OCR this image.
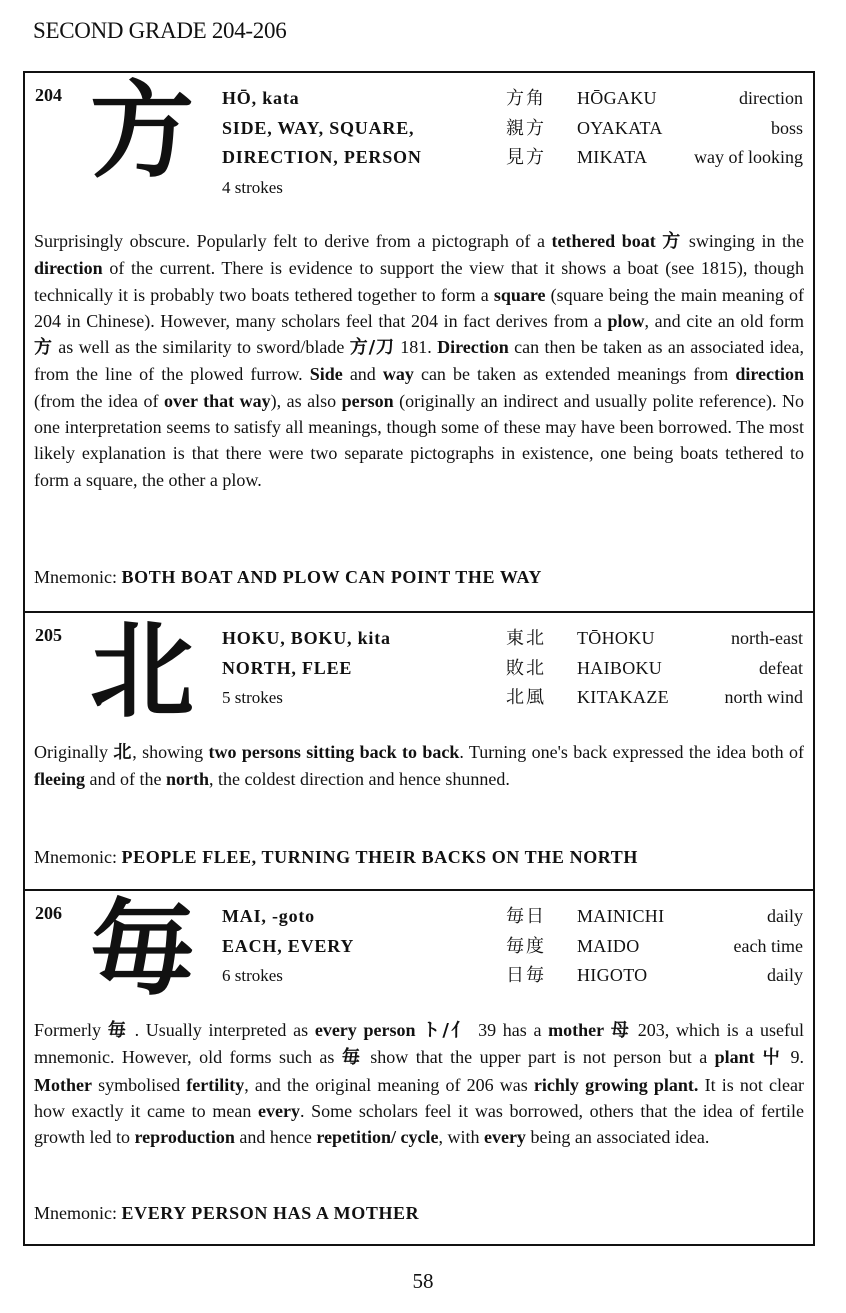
SECOND GRADE 204-206
204 方 HŌ, kata
SIDE, WAY, SQUARE,
DIRECTION, PERSON
4 strokes
方角 HŌGAKU	direction
親方 OYAKATA	boss
見方 MIKATA	way of looking
Surprisingly obscure. Popularly felt to derive from a pictograph of a tethered boat 方 swinging in the direction of the current. There is evidence to support the view that it shows a boat (see 1815), though technically it is probably two boats tethered together to form a square (square being the main meaning of 204 in Chinese). However, many scholars feel that 204 in fact derives from a plow, and cite an old form 方 as well as the similarity to sword/blade 方/刀 181. Direction can then be taken as an associated idea, from the line of the plowed furrow. Side and way can be taken as extended meanings from direction (from the idea of over that way), as also person (originally an indirect and usually polite reference). No one interpretation seems to satisfy all meanings, though some of these may have been borrowed. The most likely explanation is that there were two separate pictographs in existence, one being boats tethered to form a square, the other a plow.
Mnemonic: BOTH BOAT AND PLOW CAN POINT THE WAY
205 北 HOKU, BOKU, kita
NORTH, FLEE
5 strokes
東北 TŌHOKU	north-east
敗北 HAIBOKU	defeat
北風 KITAKAZE	north wind
Originally 北, showing two persons sitting back to back. Turning one's back expressed the idea both of fleeing and of the north, the coldest direction and hence shunned.
Mnemonic: PEOPLE FLEE, TURNING THEIR BACKS ON THE NORTH
206 毎 MAI, -goto
EACH, EVERY
6 strokes
毎日 MAINICHI	daily
毎度 MAIDO	each time
日毎 HIGOTO	daily
Formerly 毎 . Usually interpreted as every person ト/亻 39 has a mother 母 203, which is a useful mnemonic. However, old forms such as 毎 show that the upper part is not person but a plant 屮 9. Mother symbolised fertility, and the original meaning of 206 was richly growing plant. It is not clear how exactly it came to mean every. Some scholars feel it was borrowed, others that the idea of fertile growth led to reproduction and hence repetition/ cycle, with every being an associated idea.
Mnemonic: EVERY PERSON HAS A MOTHER
58
